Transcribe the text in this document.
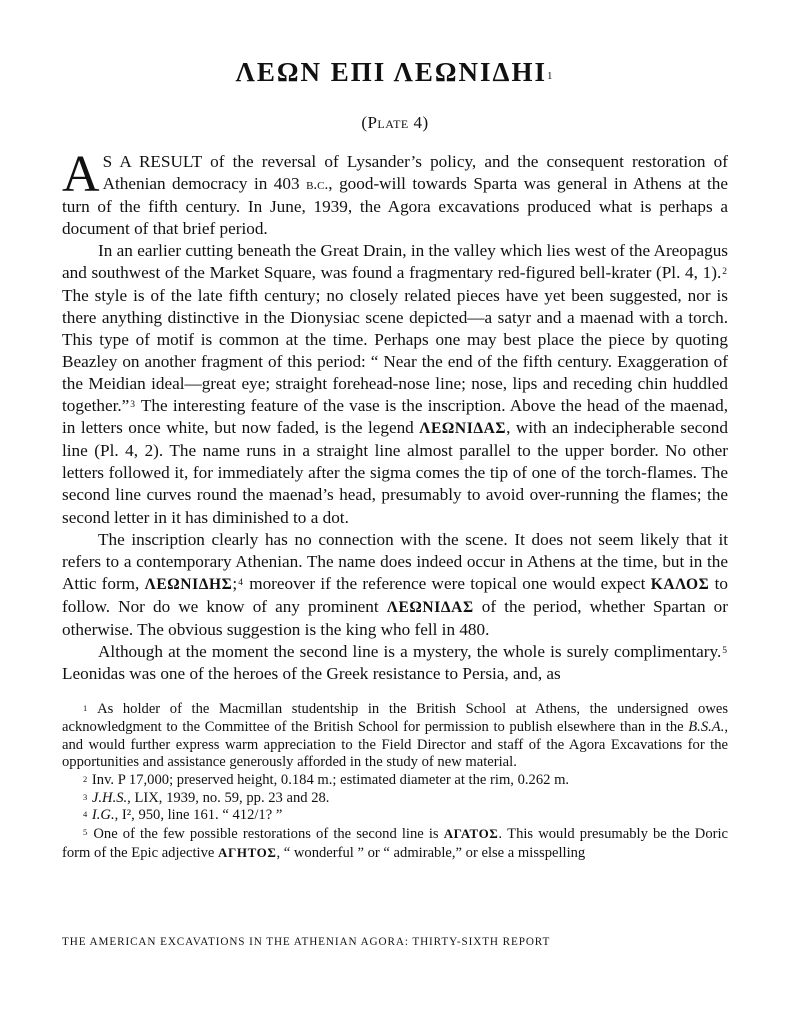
ΛΕΩΝ ΕΠΙ ΛΕΩΝΙΔΗΙ$^1$
(Plate 4)

A S A RESULT of the reversal of Lysander’s policy, and the consequent restoration of Athenian democracy in 403 b.c., good-will towards Sparta was general in Athens at the turn of the fifth century. In June, 1939, the Agora excavations produced what is perhaps a document of that brief period.

In an earlier cutting beneath the Great Drain, in the valley which lies west of the Areopagus and southwest of the Market Square, was found a fragmentary red-figured bell-krater (Pl. 4, 1).$^2$ The style is of the late fifth century; no closely related pieces have yet been suggested, nor is there anything distinctive in the Dionysiac scene depicted—a satyr and a maenad with a torch. This type of motif is common at the time. Perhaps one may best place the piece by quoting Beazley on another fragment of this period: “ Near the end of the fifth century. Exaggeration of the Meidian ideal—great eye; straight forehead-nose line; nose, lips and receding chin huddled together.”$^3$ The interesting feature of the vase is the inscription. Above the head of the maenad, in letters once white, but now faded, is the legend ΛΕΩΝΙΔΑΣ, with an indecipherable second line (Pl. 4, 2). The name runs in a straight line almost parallel to the upper border. No other letters followed it, for immediately after the sigma comes the tip of one of the torch-flames. The second line curves round the maenad’s head, presumably to avoid over-running the flames; the second letter in it has diminished to a dot.

The inscription clearly has no connection with the scene. It does not seem likely that it refers to a contemporary Athenian. The name does indeed occur in Athens at the time, but in the Attic form, ΛΕΩΝΙΔΗΣ;$^4$ moreover if the reference were topical one would expect ΚΑΛΟΣ to follow. Nor do we know of any prominent ΛΕΩΝΙΔΑΣ of the period, whether Spartan or otherwise. The obvious suggestion is the king who fell in 480.

Although at the moment the second line is a mystery, the whole is surely complimentary.$^5$ Leonidas was one of the heroes of the Greek resistance to Persia, and, as

$^1$ As holder of the Macmillan studentship in the British School at Athens, the undersigned owes acknowledgment to the Committee of the British School for permission to publish elsewhere than in the B.S.A., and would further express warm appreciation to the Field Director and staff of the Agora Excavations for the opportunities and assistance generously afforded in the study of new material.

$^2$ Inv. P 17,000; preserved height, 0.184 m.; estimated diameter at the rim, 0.262 m.

$^3$ J.H.S., LIX, 1939, no. 59, pp. 23 and 28.

$^4$ I.G., I², 950, line 161. “ 412/1? ”

$^5$ One of the few possible restorations of the second line is ΑΓΑΤΟΣ. This would presumably be the Doric form of the Epic adjective ΑΓΗΤΟΣ, “ wonderful ” or “ admirable,” or else a misspelling

THE AMERICAN EXCAVATIONS IN THE ATHENIAN AGORA: THIRTY-SIXTH REPORT
